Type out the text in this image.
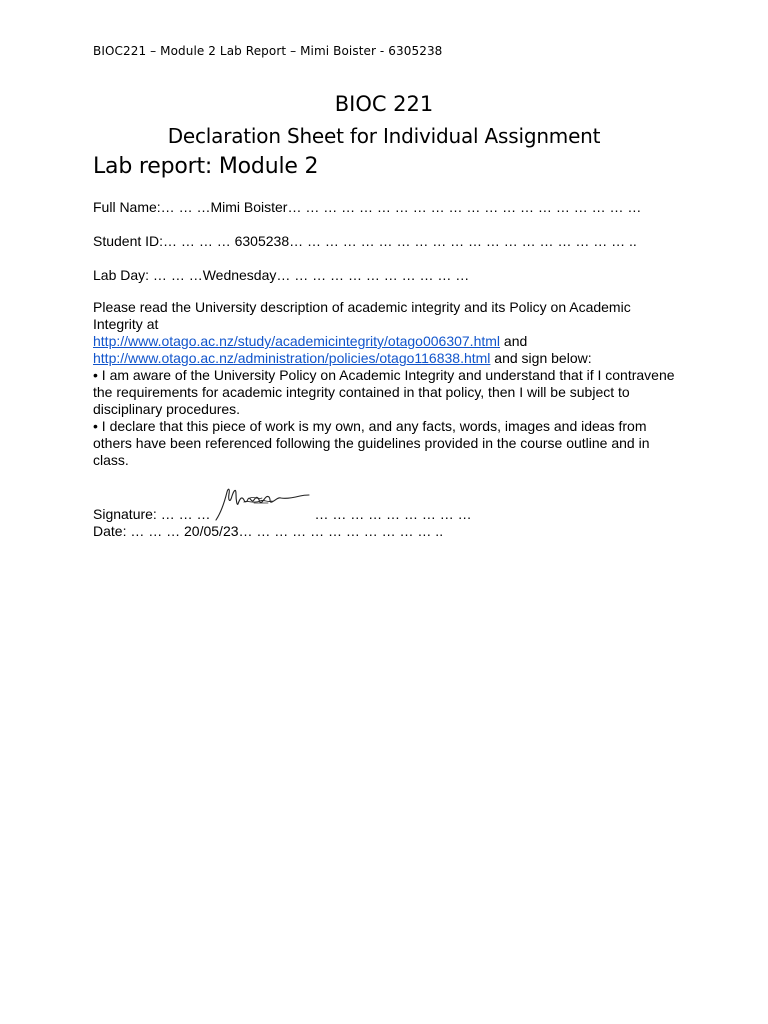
BIOC221 – Module 2 Lab Report – Mimi Boister - 6305238
BIOC 221
Declaration Sheet for Individual Assignment
Lab report: Module 2
Full Name:… … …Mimi Boister… … … … … … … … … … … … … … … … … … … …
Student ID:… … … … 6305238… … … … … … … … … … … … … … … … … … … ..
Lab Day: … … …Wednesday… … … … … … … … … … …

Please read the University description of academic integrity and its Policy on Academic Integrity at
http://www.otago.ac.nz/study/academicintegrity/otago006307.html and
http://www.otago.ac.nz/administration/policies/otago116838.html and sign below:

• I am aware of the University Policy on Academic Integrity and understand that if I contravene the requirements for academic integrity contained in that policy, then I will be subject to disciplinary procedures.

• I declare that this piece of work is my own, and any facts, words, images and ideas from others have been referenced following the guidelines provided in the course outline and in class.

Signature: … … …	… … … … … … … … …
Date: … … … 20/05/23… … … … … … … … … … … ..
